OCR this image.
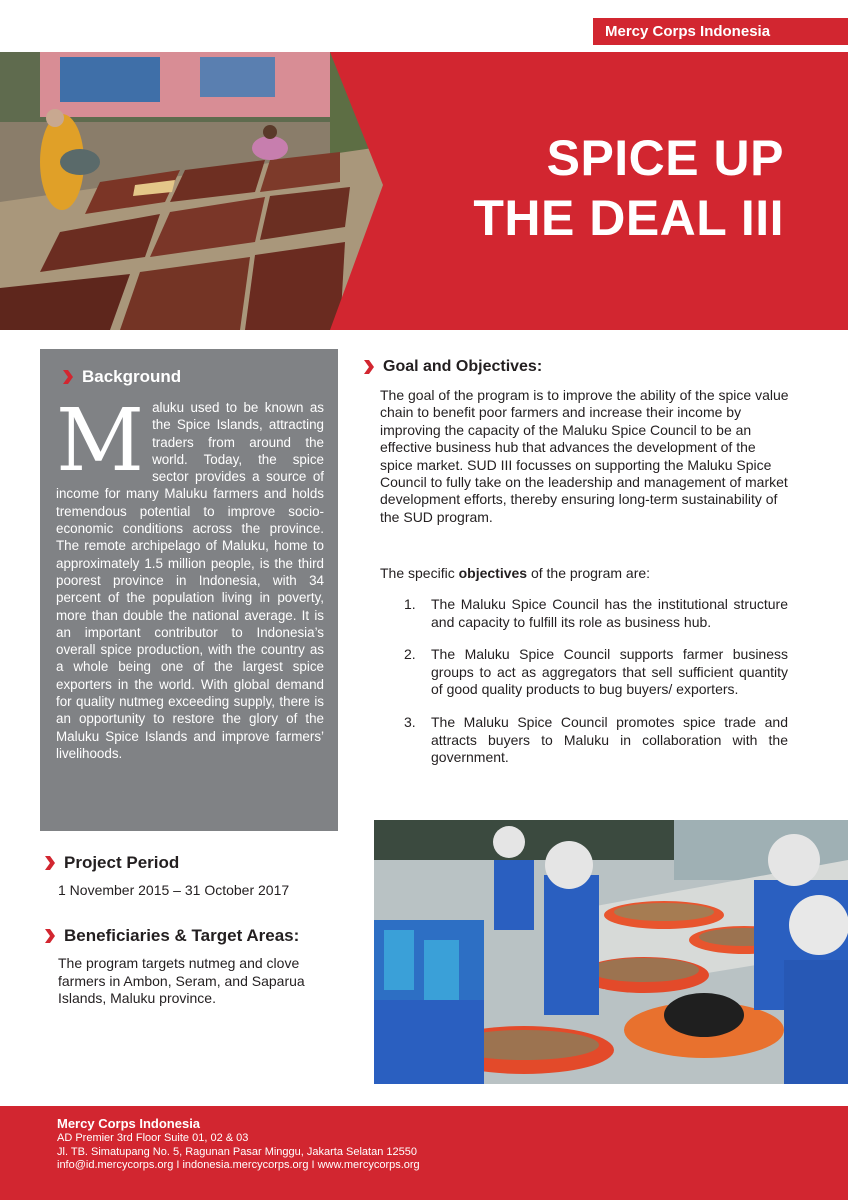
Mercy Corps Indonesia
SPICE UP
THE DEAL III
Background
Maluku used to be known as the Spice Islands, attracting traders from around the world. Today, the spice sector provides a source of income for many Maluku farmers and holds tremendous potential to improve socio-economic conditions across the province. The remote archipelago of Maluku, home to approximately 1.5 million people, is the third poorest province in Indonesia, with 34 percent of the population living in poverty, more than double the national average. It is an important contributor to Indonesia’s overall spice production, with the country as a whole being one of the largest spice exporters in the world. With global demand for quality nutmeg exceeding supply, there is an opportunity to restore the glory of the Maluku Spice Islands and improve farmers’ livelihoods.
Project Period
1 November 2015 – 31 October 2017
Beneficiaries & Target Areas:
The program targets nutmeg and clove farmers in Ambon, Seram, and Saparua Islands, Maluku province.
Goal and Objectives:
The goal of the program is to improve the ability of the spice value chain to benefit poor farmers and increase their income by improving the capacity of the Maluku Spice Council to be an effective business hub that advances the development of the spice market. SUD III focusses on supporting the Maluku Spice Council to fully take on the leadership and management of market development efforts, thereby ensuring long-term sustainability of the SUD program.
The specific objectives of the program are:
1.	The Maluku Spice Council has the institutional structure and capacity to fulfill its role as business hub.
2.	The Maluku Spice Council supports farmer business groups to act as aggregators that sell sufficient quantity of good quality products to bug buyers/ exporters.
3.	The Maluku Spice Council promotes spice trade and attracts buyers to Maluku in collaboration with the government.
Mercy Corps Indonesia
AD Premier 3rd Floor Suite 01, 02 & 03
Jl. TB. Simatupang No. 5, Ragunan Pasar Minggu, Jakarta Selatan 12550
info@id.mercycorps.org I indonesia.mercycorps.org I www.mercycorps.org
